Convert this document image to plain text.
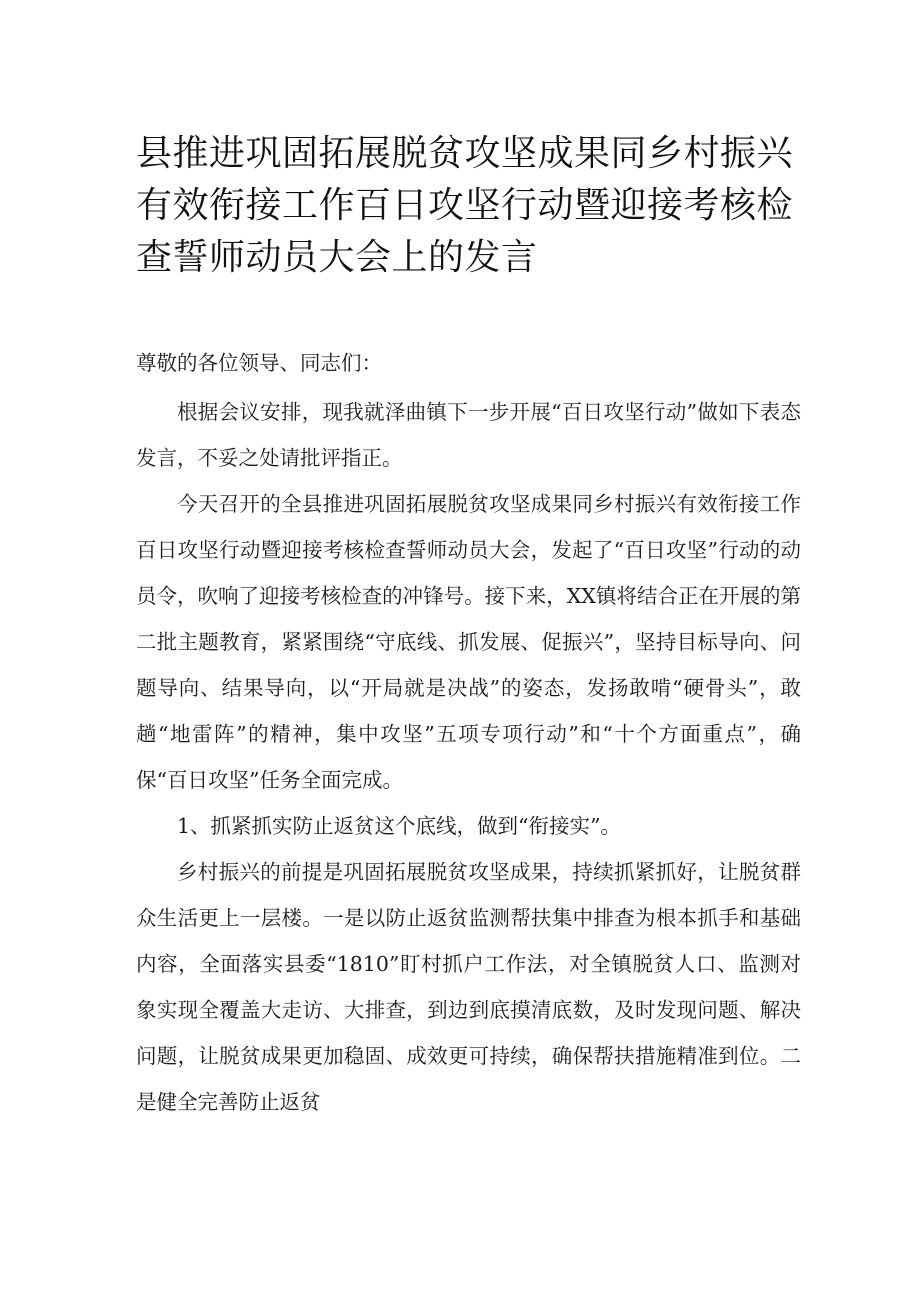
县推进巩固拓展脱贫攻坚成果同乡村振兴有效衔接工作百日攻坚行动暨迎接考核检查誓师动员大会上的发言

尊敬的各位领导、同志们：

根据会议安排，现我就泽曲镇下一步开展“百日攻坚行动”做如下表态发言，不妥之处请批评指正。

今天召开的全县推进巩固拓展脱贫攻坚成果同乡村振兴有效衔接工作百日攻坚行动暨迎接考核检查誓师动员大会，发起了“百日攻坚”行动的动员令，吹响了迎接考核检查的冲锋号。接下来，XX镇将结合正在开展的第二批主题教育，紧紧围绕“守底线、抓发展、促振兴”，坚持目标导向、问题导向、结果导向，以“开局就是决战”的姿态，发扬敢啃“硬骨头”，敢趟“地雷阵”的精神，集中攻坚”五项专项行动”和“十个方面重点”，确保“百日攻坚”任务全面完成。

1、抓紧抓实防止返贫这个底线，做到“衔接实”。

乡村振兴的前提是巩固拓展脱贫攻坚成果，持续抓紧抓好，让脱贫群众生活更上一层楼。一是以防止返贫监测帮扶集中排查为根本抓手和基础内容，全面落实县委“1810”盯村抓户工作法，对全镇脱贫人口、监测对象实现全覆盖大走访、大排查，到边到底摸清底数，及时发现问题、解决问题，让脱贫成果更加稳固、成效更可持续，确保帮扶措施精准到位。二是健全完善防止返贫
